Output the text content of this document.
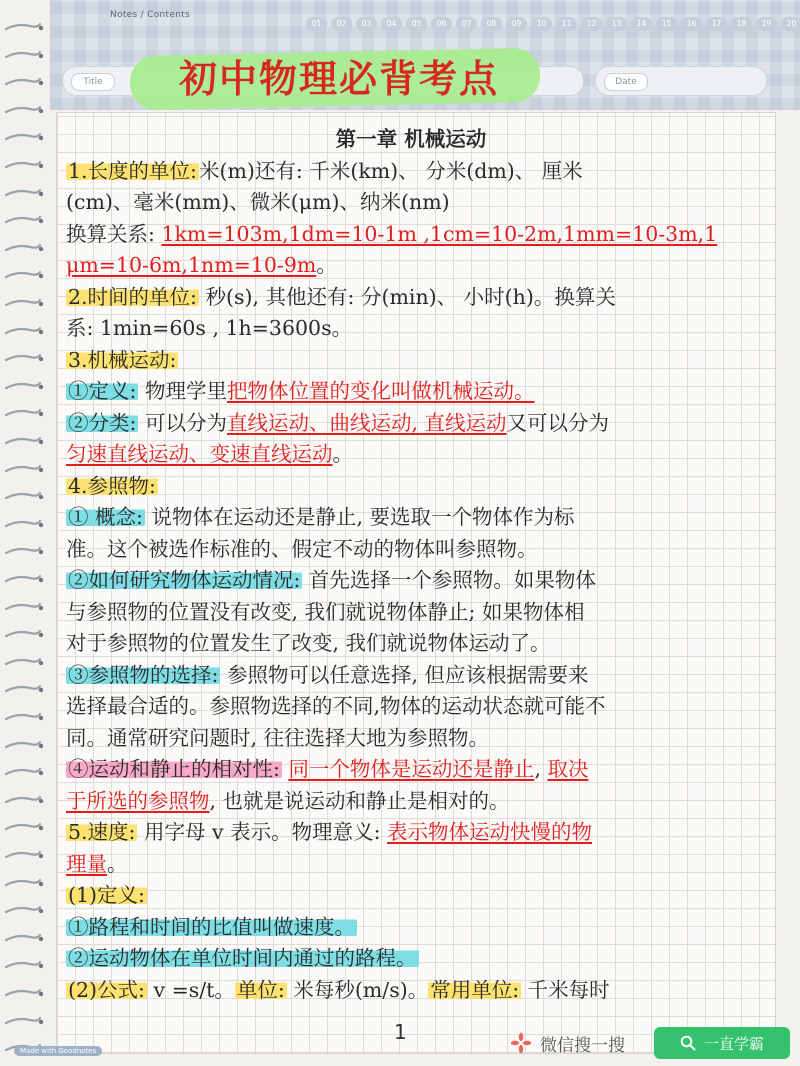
Notes / Contents
01	02	03	04	05	06	07	08	09	10	11	12	13	14	15	16	17	18	19	20
Title	Date
初中物理必背考点
第一章 机械运动
1.长度的单位:米(m)还有: 千米(km)、 分米(dm)、 厘米
(cm)、毫米(mm)、微米(μm)、纳米(nm)
换算关系: 1km=103m,1dm=10-1m ,1cm=10-2m,1mm=10-3m,1
μm=10-6m,1nm=10-9m。
2.时间的单位: 秒(s), 其他还有: 分(min)、 小时(h)。换算关
系: 1min=60s , 1h=3600s。
3.机械运动:
①定义: 物理学里把物体位置的变化叫做机械运动。
②分类: 可以分为直线运动、曲线运动, 直线运动又可以分为
匀速直线运动、变速直线运动。
4.参照物:
① 概念: 说物体在运动还是静止, 要选取一个物体作为标
准。这个被选作标准的、假定不动的物体叫参照物。
②如何研究物体运动情况: 首先选择一个参照物。如果物体
与参照物的位置没有改变, 我们就说物体静止; 如果物体相
对于参照物的位置发生了改变, 我们就说物体运动了。
③参照物的选择: 参照物可以任意选择, 但应该根据需要来
选择最合适的。参照物选择的不同,物体的运动状态就可能不
同。通常研究问题时, 往往选择大地为参照物。
④运动和静止的相对性: 同一个物体是运动还是静止, 取决
于所选的参照物, 也就是说运动和静止是相对的。
5.速度: 用字母 v 表示。物理意义: 表示物体运动快慢的物
理量。
(1)定义:
①路程和时间的比值叫做速度。
②运动物体在单位时间内通过的路程。
(2)公式: v =s/t。单位: 米每秒(m/s)。常用单位: 千米每时
1
Made with Goodnotes	微信搜一搜	一直学霸
